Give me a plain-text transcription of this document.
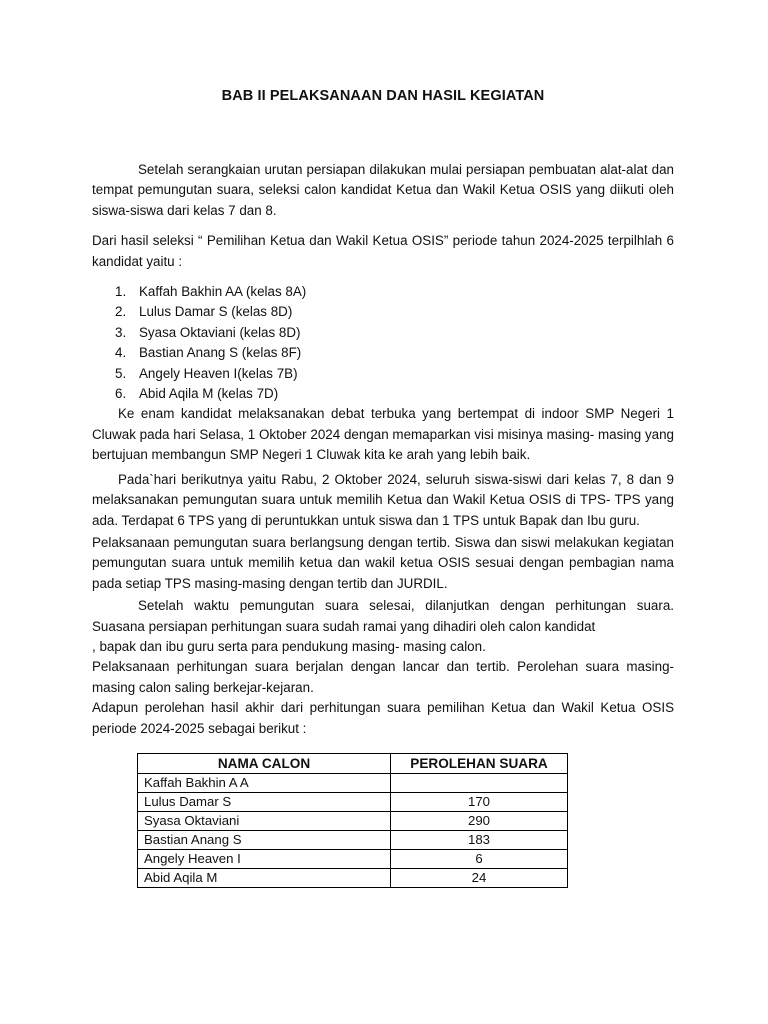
BAB II PELAKSANAAN DAN HASIL KEGIATAN

Setelah serangkaian urutan persiapan dilakukan mulai persiapan pembuatan alat-alat dan tempat pemungutan suara, seleksi calon kandidat Ketua dan Wakil Ketua OSIS yang diikuti oleh siswa-siswa dari kelas 7 dan 8.

Dari hasil seleksi “ Pemilihan Ketua dan Wakil Ketua OSIS” periode tahun 2024-2025 terpilhlah 6 kandidat yaitu :

1. Kaffah Bakhin AA (kelas 8A)
2. Lulus Damar S (kelas 8D)
3. Syasa Oktaviani (kelas 8D)
4. Bastian Anang S (kelas 8F)
5. Angely Heaven I(kelas 7B)
6. Abid Aqila M (kelas 7D)

Ke enam kandidat melaksanakan debat terbuka yang bertempat di indoor SMP Negeri 1 Cluwak pada hari Selasa, 1 Oktober 2024 dengan memaparkan visi misinya masing- masing yang bertujuan membangun SMP Negeri 1 Cluwak kita ke arah yang lebih baik.

Pada`hari berikutnya yaitu Rabu, 2 Oktober 2024, seluruh siswa-siswi dari kelas 7, 8 dan 9 melaksanakan pemungutan suara untuk memilih Ketua dan Wakil Ketua OSIS di TPS- TPS yang ada. Terdapat 6 TPS yang di peruntukkan untuk siswa dan 1 TPS untuk Bapak dan Ibu guru.

Pelaksanaan pemungutan suara berlangsung dengan tertib. Siswa dan siswi melakukan kegiatan pemungutan suara untuk memilih ketua dan wakil ketua OSIS sesuai dengan pembagian nama pada setiap TPS masing-masing dengan tertib dan JURDIL.

Setelah waktu pemungutan suara selesai, dilanjutkan dengan perhitungan suara. Suasana persiapan perhitungan suara sudah ramai yang dihadiri oleh calon kandidat

, bapak dan ibu guru serta para pendukung masing- masing calon.

Pelaksanaan perhitungan suara berjalan dengan lancar dan tertib. Perolehan suara masing-masing calon saling berkejar-kejaran.

Adapun perolehan hasil akhir dari perhitungan suara pemilihan Ketua dan Wakil Ketua OSIS periode 2024-2025 sebagai berikut :

NAMA CALON	PEROLEHAN SUARA
Kaffah Bakhin A A	
Lulus Damar S	170
Syasa Oktaviani	290
Bastian Anang S	183
Angely Heaven I	6
Abid Aqila M	24
